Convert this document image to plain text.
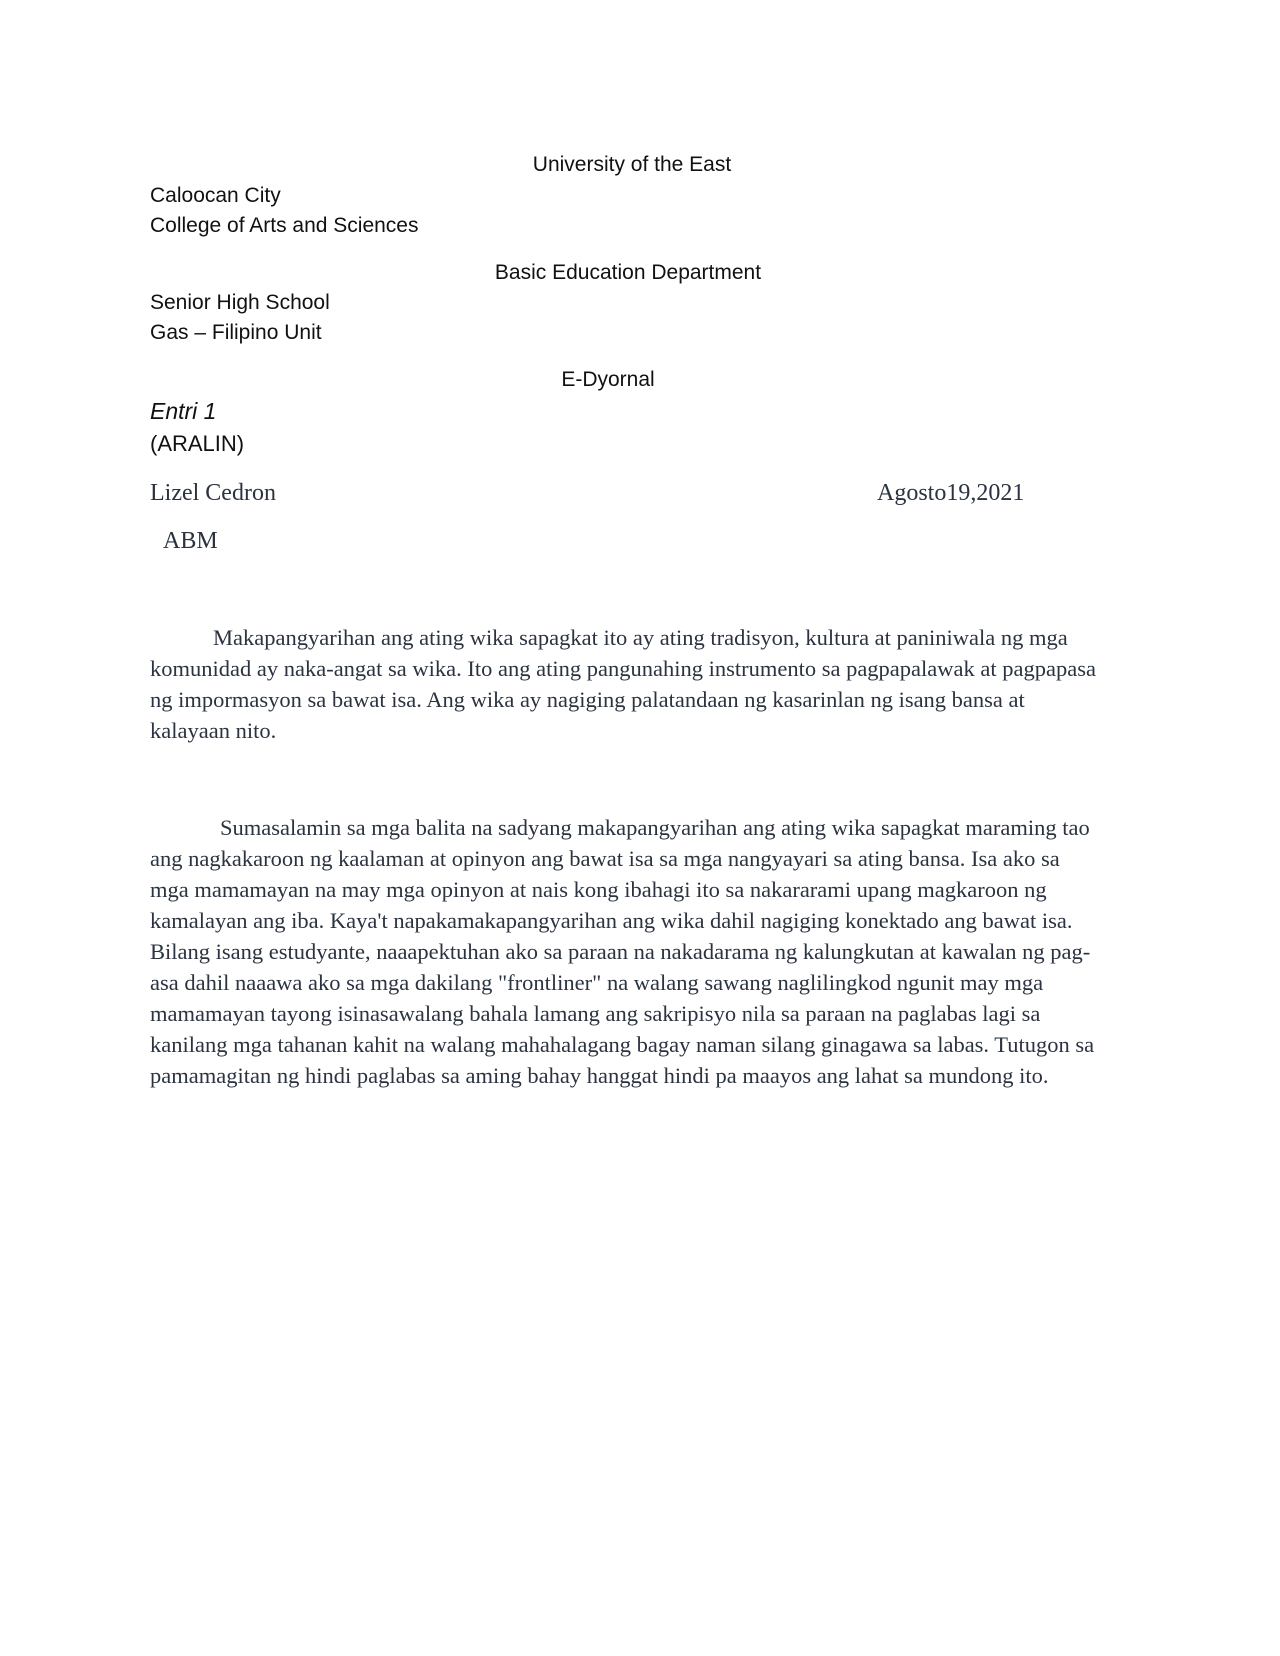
University of the East
Caloocan City
College of Arts and Sciences
Basic Education Department
Senior High School
Gas – Filipino Unit
E-Dyornal
Entri 1
(ARALIN)
Lizel Cedron	Agosto19,2021
ABM

Makapangyarihan ang ating wika sapagkat ito ay ating tradisyon, kultura at paniniwala ng mga komunidad ay naka-angat sa wika. Ito ang ating pangunahing instrumento sa pagpapalawak at pagpapasa ng impormasyon sa bawat isa. Ang wika ay nagiging palatandaan ng kasarinlan ng isang bansa at kalayaan nito.

Sumasalamin sa mga balita na sadyang makapangyarihan ang ating wika sapagkat maraming tao ang nagkakaroon ng kaalaman at opinyon ang bawat isa sa mga nangyayari sa ating bansa. Isa ako sa mga mamamayan na may mga opinyon at nais kong ibahagi ito sa nakararami upang magkaroon ng kamalayan ang iba. Kaya't napakamakapangyarihan ang wika dahil nagiging konektado ang bawat isa. Bilang isang estudyante, naaapektuhan ako sa paraan na nakadarama ng kalungkutan at kawalan ng pag-asa dahil naaawa ako sa mga dakilang "frontliner" na walang sawang naglilingkod ngunit may mga mamamayan tayong isinasawalang bahala lamang ang sakripisyo nila sa paraan na paglabas lagi sa kanilang mga tahanan kahit na walang mahahalagang bagay naman silang ginagawa sa labas. Tutugon sa pamamagitan ng hindi paglabas sa aming bahay hanggat hindi pa maayos ang lahat sa mundong ito.
